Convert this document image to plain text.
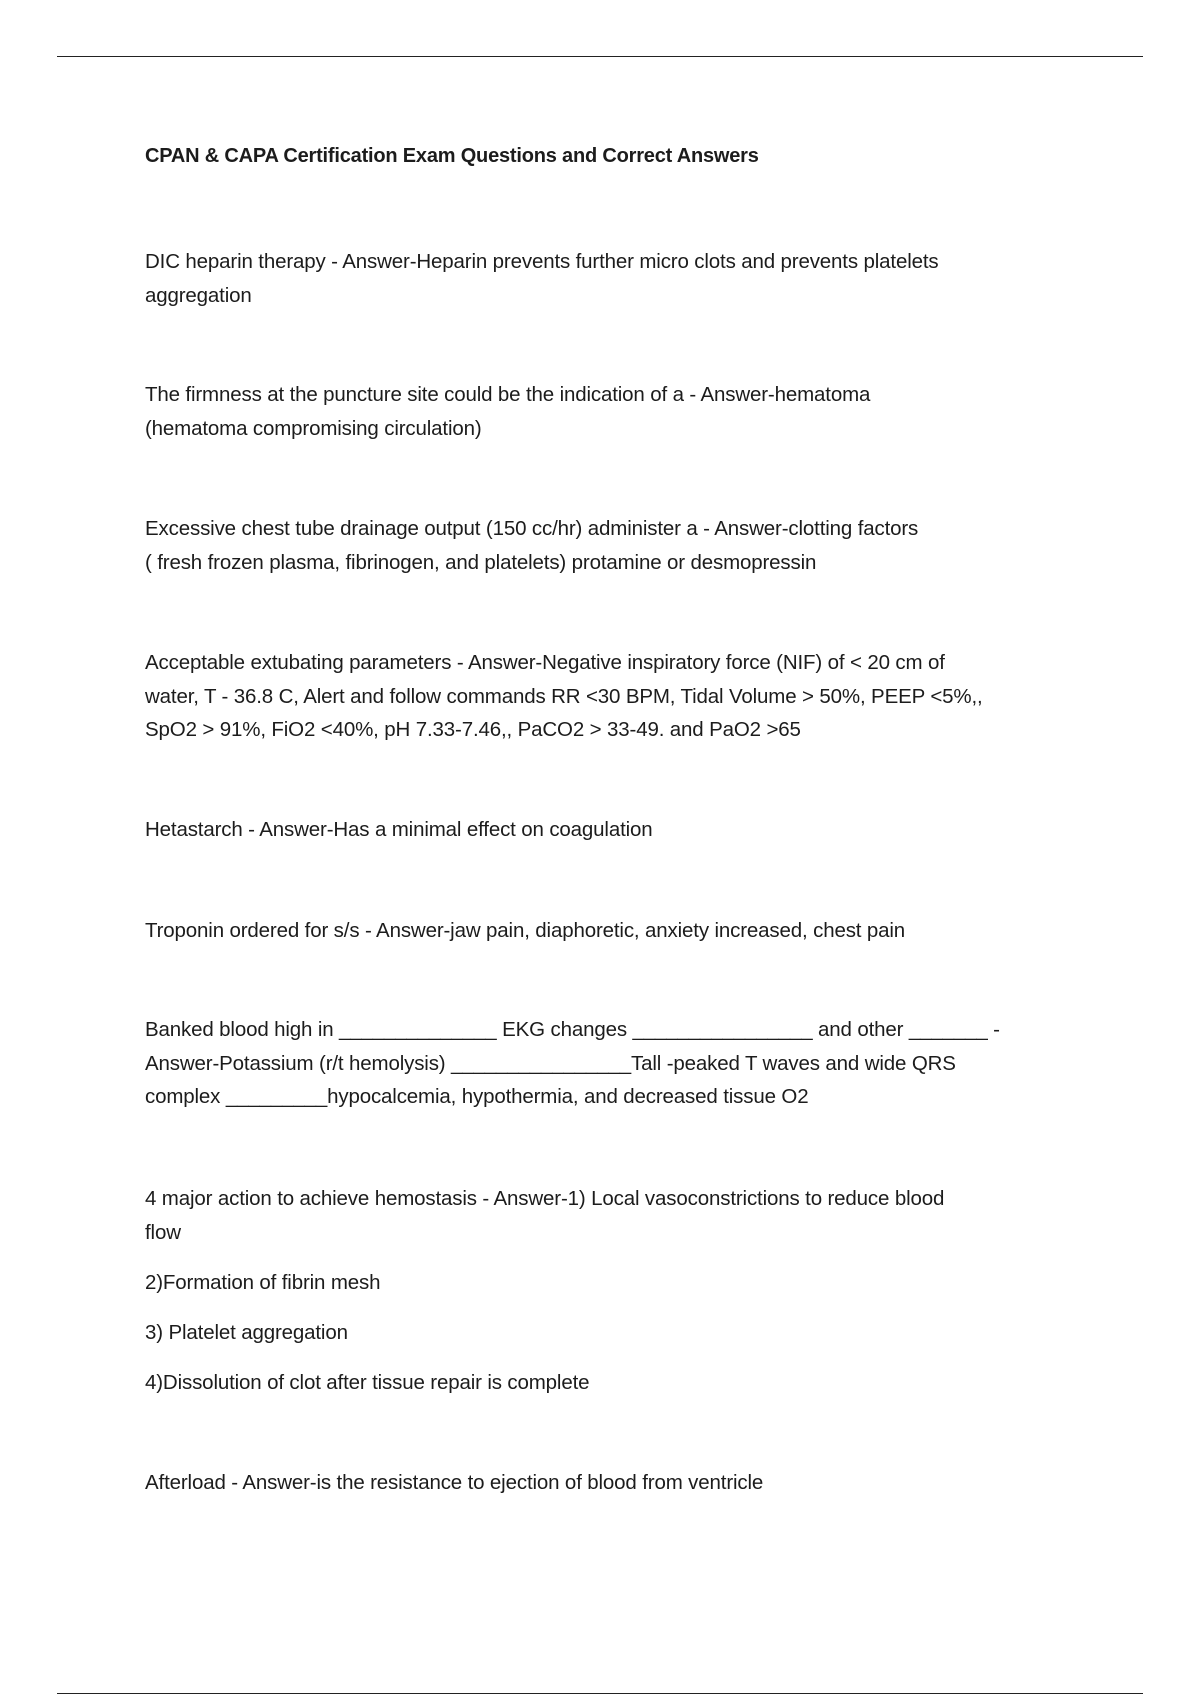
CPAN & CAPA Certification Exam Questions and Correct Answers

DIC heparin therapy - Answer-Heparin prevents further micro clots and prevents platelets

aggregation

The firmness at the puncture site could be the indication of a - Answer-hematoma

(hematoma compromising circulation)

Excessive chest tube drainage output (150 cc/hr) administer a - Answer-clotting factors

( fresh frozen plasma, fibrinogen, and platelets) protamine or desmopressin

Acceptable extubating parameters - Answer-Negative inspiratory force (NIF) of < 20 cm of

water, T - 36.8 C, Alert and follow commands RR <30 BPM, Tidal Volume > 50%, PEEP <5%,,

SpO2 > 91%, FiO2 <40%, pH 7.33-7.46,, PaCO2 > 33-49. and PaO2 >65

Hetastarch - Answer-Has a minimal effect on coagulation

Troponin ordered for s/s - Answer-jaw pain, diaphoretic, anxiety increased, chest pain

Banked blood high in ______________ EKG changes ________________ and other _______ -

Answer-Potassium (r/t hemolysis) ________________Tall -peaked T waves and wide QRS

complex _________hypocalcemia, hypothermia, and decreased tissue O2

4 major action to achieve hemostasis - Answer-1) Local vasoconstrictions to reduce blood

flow

2)Formation of fibrin mesh
3) Platelet aggregation
4)Dissolution of clot after tissue repair is complete

Afterload - Answer-is the resistance to ejection of blood from ventricle
